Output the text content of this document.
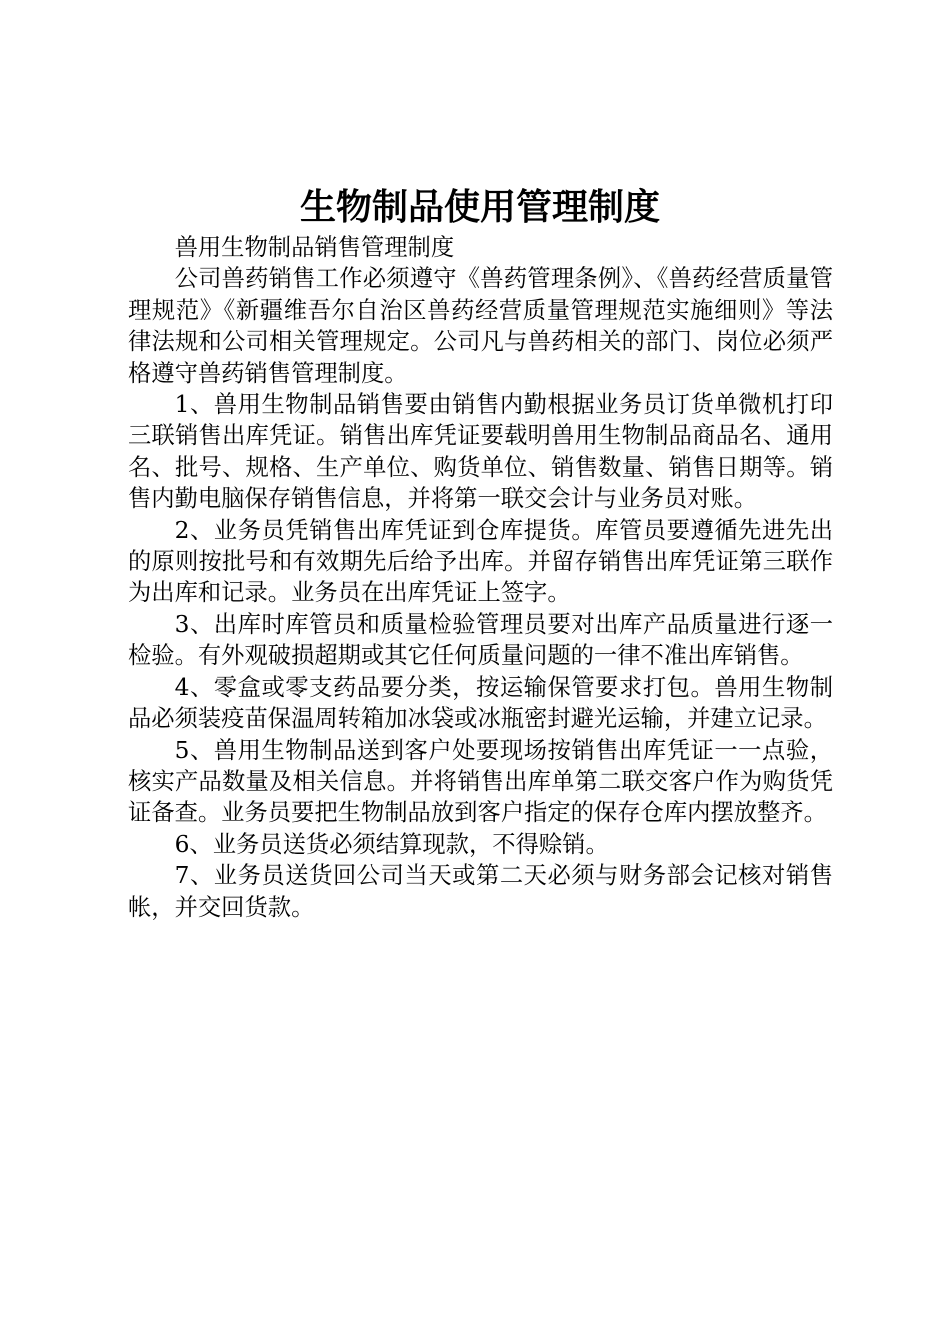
生物制品使用管理制度

兽用生物制品销售管理制度

公司兽药销售工作必须遵守《兽药管理条例》、《兽药经营质量管理规范》《新疆维吾尔自治区兽药经营质量管理规范实施细则》等法律法规和公司相关管理规定。公司凡与兽药相关的部门、岗位必须严格遵守兽药销售管理制度。

1、兽用生物制品销售要由销售内勤根据业务员订货单微机打印三联销售出库凭证。销售出库凭证要载明兽用生物制品商品名、通用名、批号、规格、生产单位、购货单位、销售数量、销售日期等。销售内勤电脑保存销售信息，并将第一联交会计与业务员对账。

2、业务员凭销售出库凭证到仓库提货。库管员要遵循先进先出的原则按批号和有效期先后给予出库。并留存销售出库凭证第三联作为出库和记录。业务员在出库凭证上签字。

3、出库时库管员和质量检验管理员要对出库产品质量进行逐一检验。有外观破损超期或其它任何质量问题的一律不准出库销售。

4、零盒或零支药品要分类，按运输保管要求打包。兽用生物制品必须装疫苗保温周转箱加冰袋或冰瓶密封避光运输，并建立记录。

5、兽用生物制品送到客户处要现场按销售出库凭证一一点验，核实产品数量及相关信息。并将销售出库单第二联交客户作为购货凭证备查。业务员要把生物制品放到客户指定的保存仓库内摆放整齐。

6、业务员送货必须结算现款，不得赊销。

7、业务员送货回公司当天或第二天必须与财务部会记核对销售帐，并交回货款。
